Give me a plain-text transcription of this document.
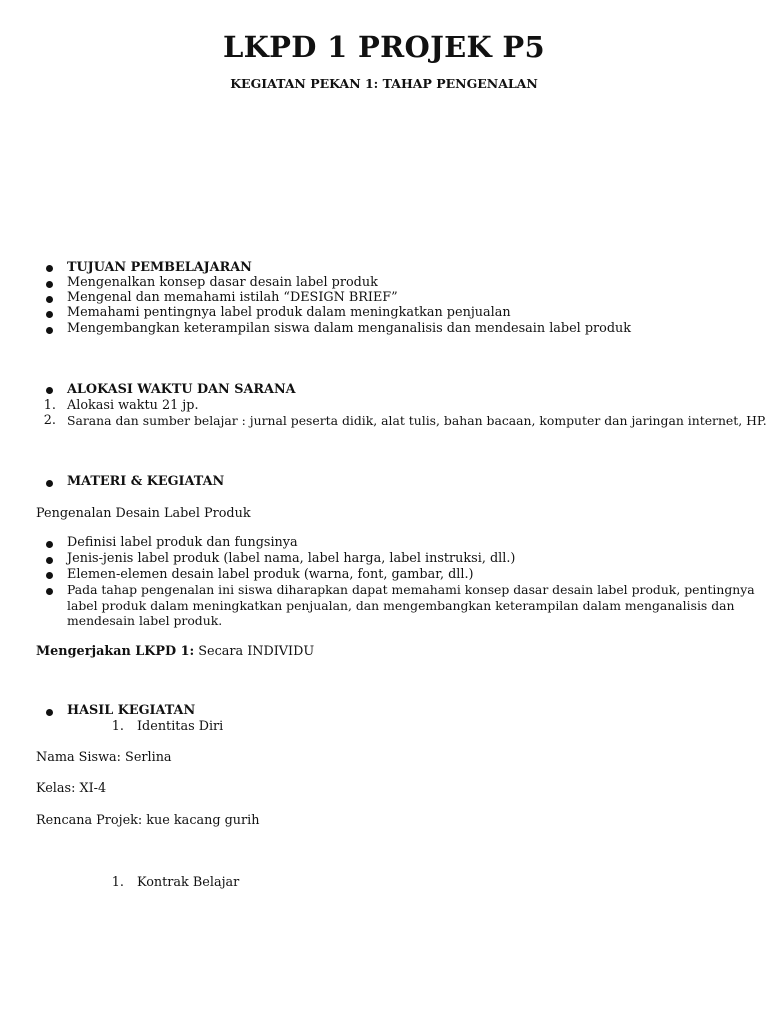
LKPD 1 PROJEK P5
KEGIATAN PEKAN 1: TAHAP PENGENALAN
TUJUAN PEMBELAJARAN
Mengenalkan konsep dasar desain label produk
Mengenal dan memahami istilah “DESIGN BRIEF”
Memahami pentingnya label produk dalam meningkatkan penjualan
Mengembangkan keterampilan siswa dalam menganalisis dan mendesain label produk
ALOKASI WAKTU DAN SARANA
1. Alokasi waktu 21 jp.
2. Sarana dan sumber belajar : jurnal peserta didik, alat tulis, bahan bacaan, komputer dan jaringan internet, HP.
MATERI & KEGIATAN
Pengenalan Desain Label Produk
Definisi label produk dan fungsinya
Jenis-jenis label produk (label nama, label harga, label instruksi, dll.)
Elemen-elemen desain label produk (warna, font, gambar, dll.)
Pada tahap pengenalan ini siswa diharapkan dapat memahami konsep dasar desain label produk, pentingnya
label produk dalam meningkatkan penjualan, dan mengembangkan keterampilan dalam menganalisis dan
mendesain label produk.
Mengerjakan LKPD 1: Secara INDIVIDU
HASIL KEGIATAN
1. Identitas Diri
Nama Siswa: Serlina
Kelas: XI-4
Rencana Projek: kue kacang gurih
1. Kontrak Belajar
